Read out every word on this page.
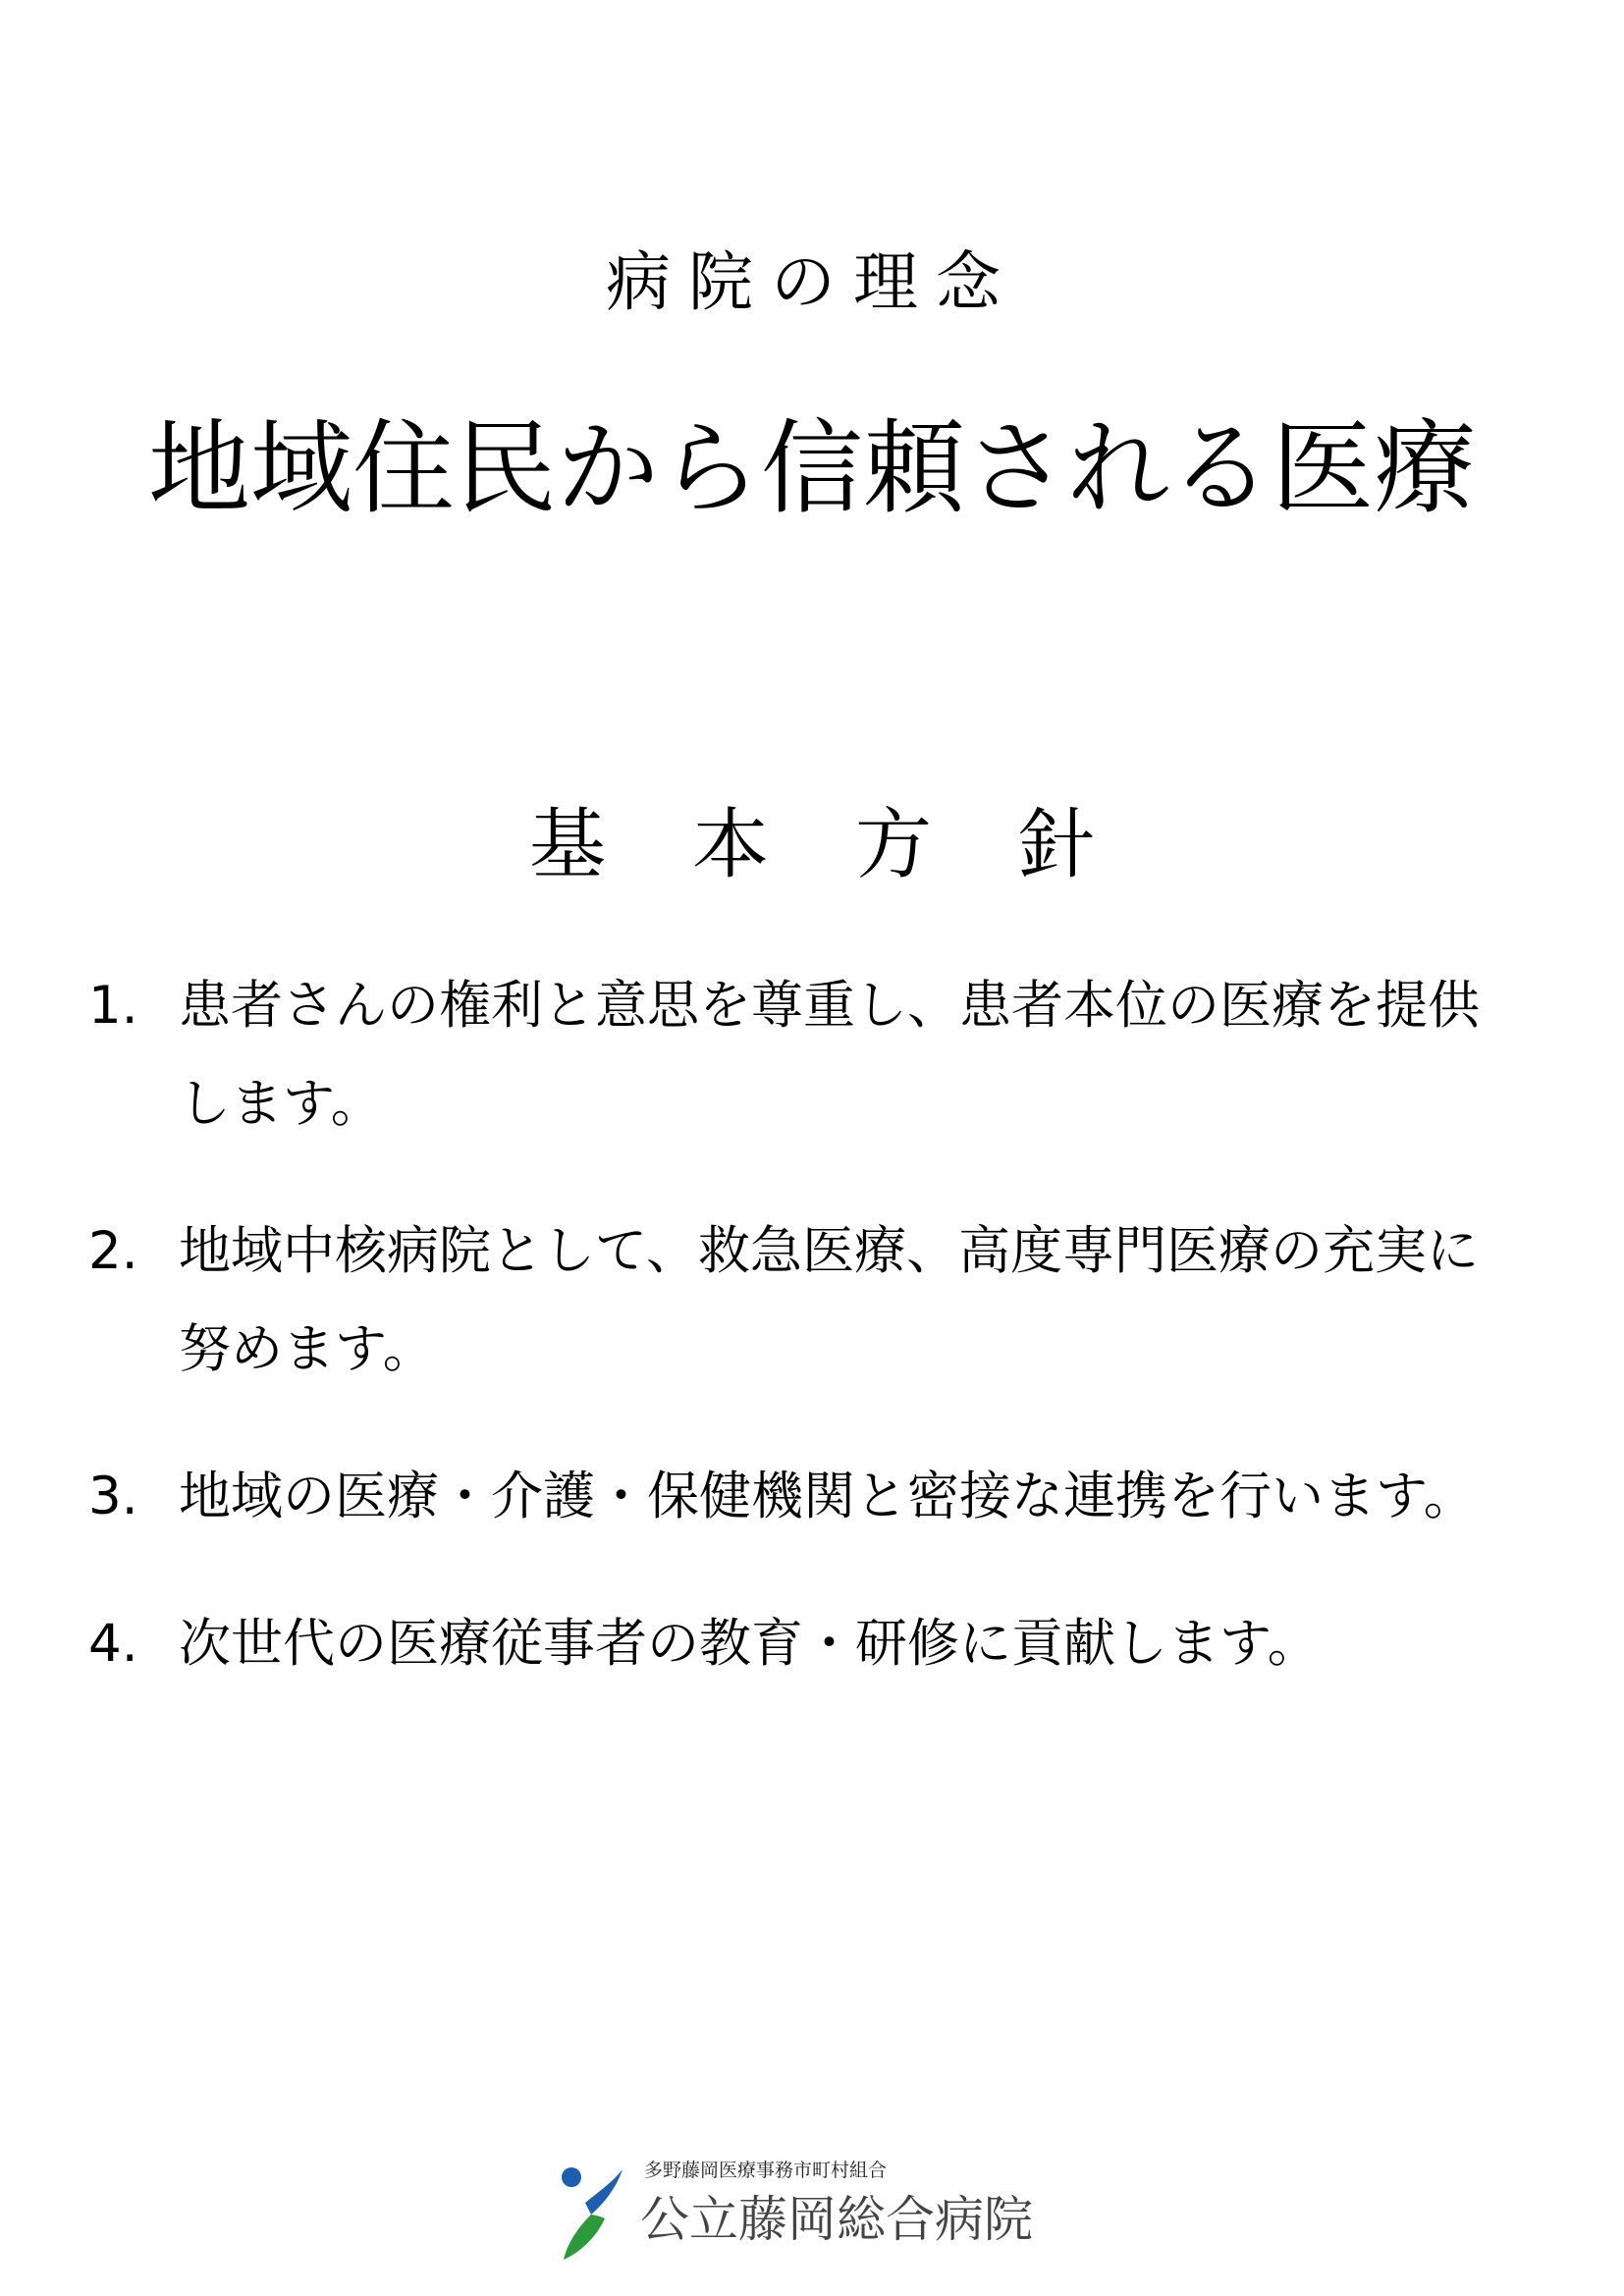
病院の理念
地域住民から信頼される医療
基 本 方 針
1. 患者さんの権利と意思を尊重し、患者本位の医療を提供
します。
2. 地域中核病院として、救急医療、高度専門医療の充実に
努めます。
3. 地域の医療・介護・保健機関と密接な連携を行います。
4. 次世代の医療従事者の教育・研修に貢献します。
多野藤岡医療事務市町村組合
公立藤岡総合病院
